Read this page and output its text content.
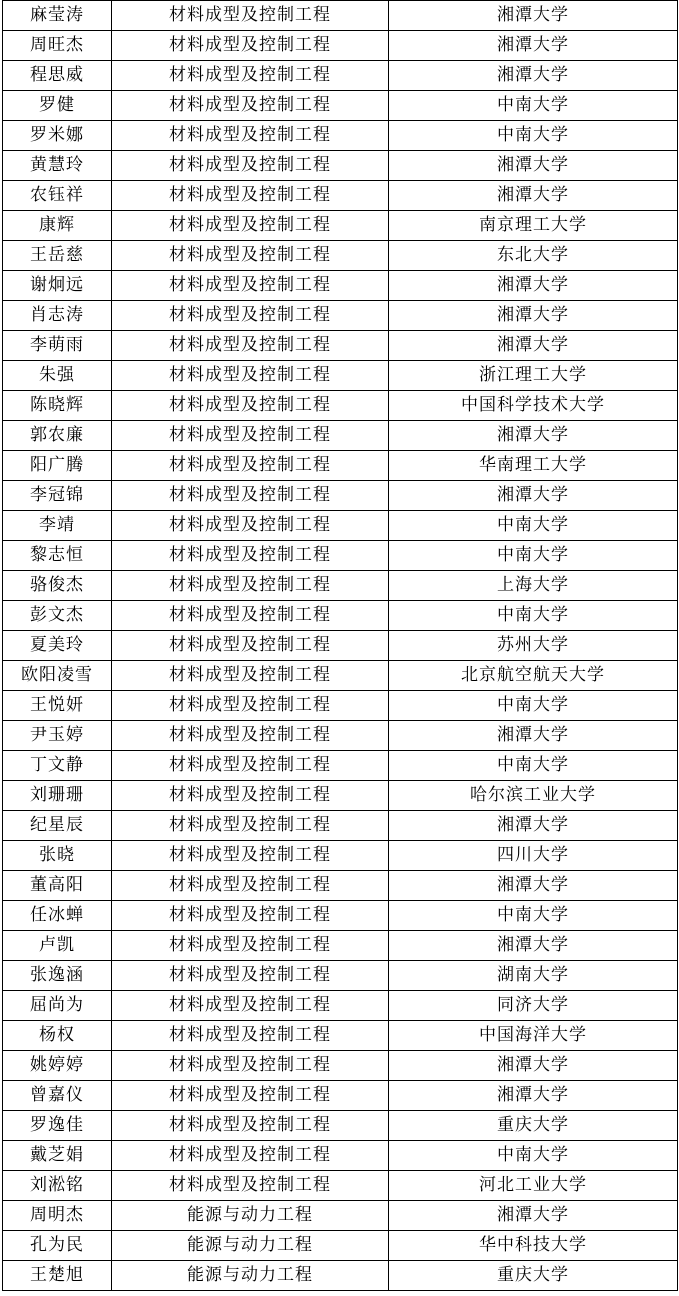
麻莹涛	材料成型及控制工程	湘潭大学
周旺杰	材料成型及控制工程	湘潭大学
程思威	材料成型及控制工程	湘潭大学
罗健	材料成型及控制工程	中南大学
罗米娜	材料成型及控制工程	中南大学
黄慧玲	材料成型及控制工程	湘潭大学
农钰祥	材料成型及控制工程	湘潭大学
康辉	材料成型及控制工程	南京理工大学
王岳慈	材料成型及控制工程	东北大学
谢炯远	材料成型及控制工程	湘潭大学
肖志涛	材料成型及控制工程	湘潭大学
李萌雨	材料成型及控制工程	湘潭大学
朱强	材料成型及控制工程	浙江理工大学
陈晓辉	材料成型及控制工程	中国科学技术大学
郭农廉	材料成型及控制工程	湘潭大学
阳广腾	材料成型及控制工程	华南理工大学
李冠锦	材料成型及控制工程	湘潭大学
李靖	材料成型及控制工程	中南大学
黎志恒	材料成型及控制工程	中南大学
骆俊杰	材料成型及控制工程	上海大学
彭文杰	材料成型及控制工程	中南大学
夏美玲	材料成型及控制工程	苏州大学
欧阳凌雪	材料成型及控制工程	北京航空航天大学
王悦妍	材料成型及控制工程	中南大学
尹玉婷	材料成型及控制工程	湘潭大学
丁文静	材料成型及控制工程	中南大学
刘珊珊	材料成型及控制工程	哈尔滨工业大学
纪星辰	材料成型及控制工程	湘潭大学
张晓	材料成型及控制工程	四川大学
董高阳	材料成型及控制工程	湘潭大学
任冰蝉	材料成型及控制工程	中南大学
卢凯	材料成型及控制工程	湘潭大学
张逸涵	材料成型及控制工程	湖南大学
屈尚为	材料成型及控制工程	同济大学
杨权	材料成型及控制工程	中国海洋大学
姚婷婷	材料成型及控制工程	湘潭大学
曾嘉仪	材料成型及控制工程	湘潭大学
罗逸佳	材料成型及控制工程	重庆大学
戴芝娟	材料成型及控制工程	中南大学
刘淞铭	材料成型及控制工程	河北工业大学
周明杰	能源与动力工程	湘潭大学
孔为民	能源与动力工程	华中科技大学
王楚旭	能源与动力工程	重庆大学
